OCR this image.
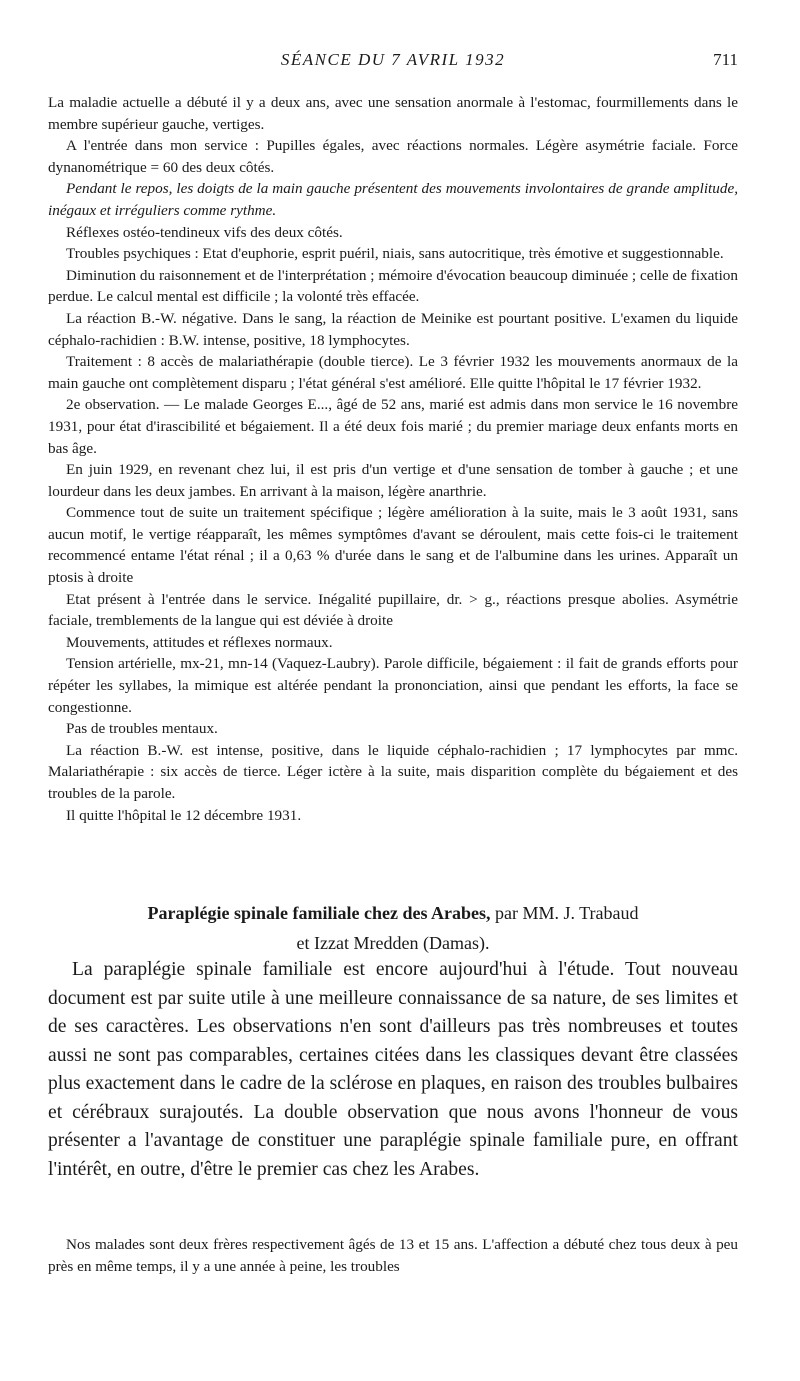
SÉANCE DU 7 AVRIL 1932	711

La maladie actuelle a débuté il y a deux ans, avec une sensation anormale à l'estomac, fourmillements dans le membre supérieur gauche, vertiges.

A l'entrée dans mon service : Pupilles égales, avec réactions normales. Légère asymétrie faciale. Force dynanométrique = 60 des deux côtés.

Pendant le repos, les doigts de la main gauche présentent des mouvements involontaires de grande amplitude, inégaux et irréguliers comme rythme.

Réflexes ostéo-tendineux vifs des deux côtés.

Troubles psychiques : Etat d'euphorie, esprit puéril, niais, sans autocritique, très émotive et suggestionnable.

Diminution du raisonnement et de l'interprétation ; mémoire d'évocation beaucoup diminuée ; celle de fixation perdue. Le calcul mental est difficile ; la volonté très effacée.

La réaction B.-W. négative. Dans le sang, la réaction de Meinike est pourtant positive. L'examen du liquide céphalo-rachidien : B.W. intense, positive, 18 lymphocytes.

Traitement : 8 accès de malariathérapie (double tierce). Le 3 février 1932 les mouvements anormaux de la main gauche ont complètement disparu ; l'état général s'est amélioré. Elle quitte l'hôpital le 17 février 1932.

2e observation. — Le malade Georges E..., âgé de 52 ans, marié est admis dans mon service le 16 novembre 1931, pour état d'irascibilité et bégaiement. Il a été deux fois marié ; du premier mariage deux enfants morts en bas âge.

En juin 1929, en revenant chez lui, il est pris d'un vertige et d'une sensation de tomber à gauche ; et une lourdeur dans les deux jambes. En arrivant à la maison, légère anarthrie.

Commence tout de suite un traitement spécifique ; légère amélioration à la suite, mais le 3 août 1931, sans aucun motif, le vertige réapparaît, les mêmes symptômes d'avant se déroulent, mais cette fois-ci le traitement recommencé entame l'état rénal ; il a 0,63 % d'urée dans le sang et de l'albumine dans les urines. Apparaît un ptosis à droite

Etat présent à l'entrée dans le service. Inégalité pupillaire, dr. > g., réactions presque abolies. Asymétrie faciale, tremblements de la langue qui est déviée à droite

Mouvements, attitudes et réflexes normaux.

Tension artérielle, mx-21, mn-14 (Vaquez-Laubry). Parole difficile, bégaiement : il fait de grands efforts pour répéter les syllabes, la mimique est altérée pendant la prononciation, ainsi que pendant les efforts, la face se congestionne.

Pas de troubles mentaux.

La réaction B.-W. est intense, positive, dans le liquide céphalo-rachidien ; 17 lymphocytes par mmc. Malariathérapie : six accès de tierce. Léger ictère à la suite, mais disparition complète du bégaiement et des troubles de la parole.

Il quitte l'hôpital le 12 décembre 1931.

Paraplégie spinale familiale chez des Arabes, par MM. J. Trabaud
et Izzat Mredden (Damas).

La paraplégie spinale familiale est encore aujourd'hui à l'étude. Tout nouveau document est par suite utile à une meilleure connaissance de sa nature, de ses limites et de ses caractères. Les observations n'en sont d'ailleurs pas très nombreuses et toutes aussi ne sont pas comparables, certaines citées dans les classiques devant être classées plus exactement dans le cadre de la sclérose en plaques, en raison des troubles bulbaires et cérébraux surajoutés. La double observation que nous avons l'honneur de vous présenter a l'avantage de constituer une paraplégie spinale familiale pure, en offrant l'intérêt, en outre, d'être le premier cas chez les Arabes.

Nos malades sont deux frères respectivement âgés de 13 et 15 ans. L'affection a débuté chez tous deux à peu près en même temps, il y a une année à peine, les troubles
